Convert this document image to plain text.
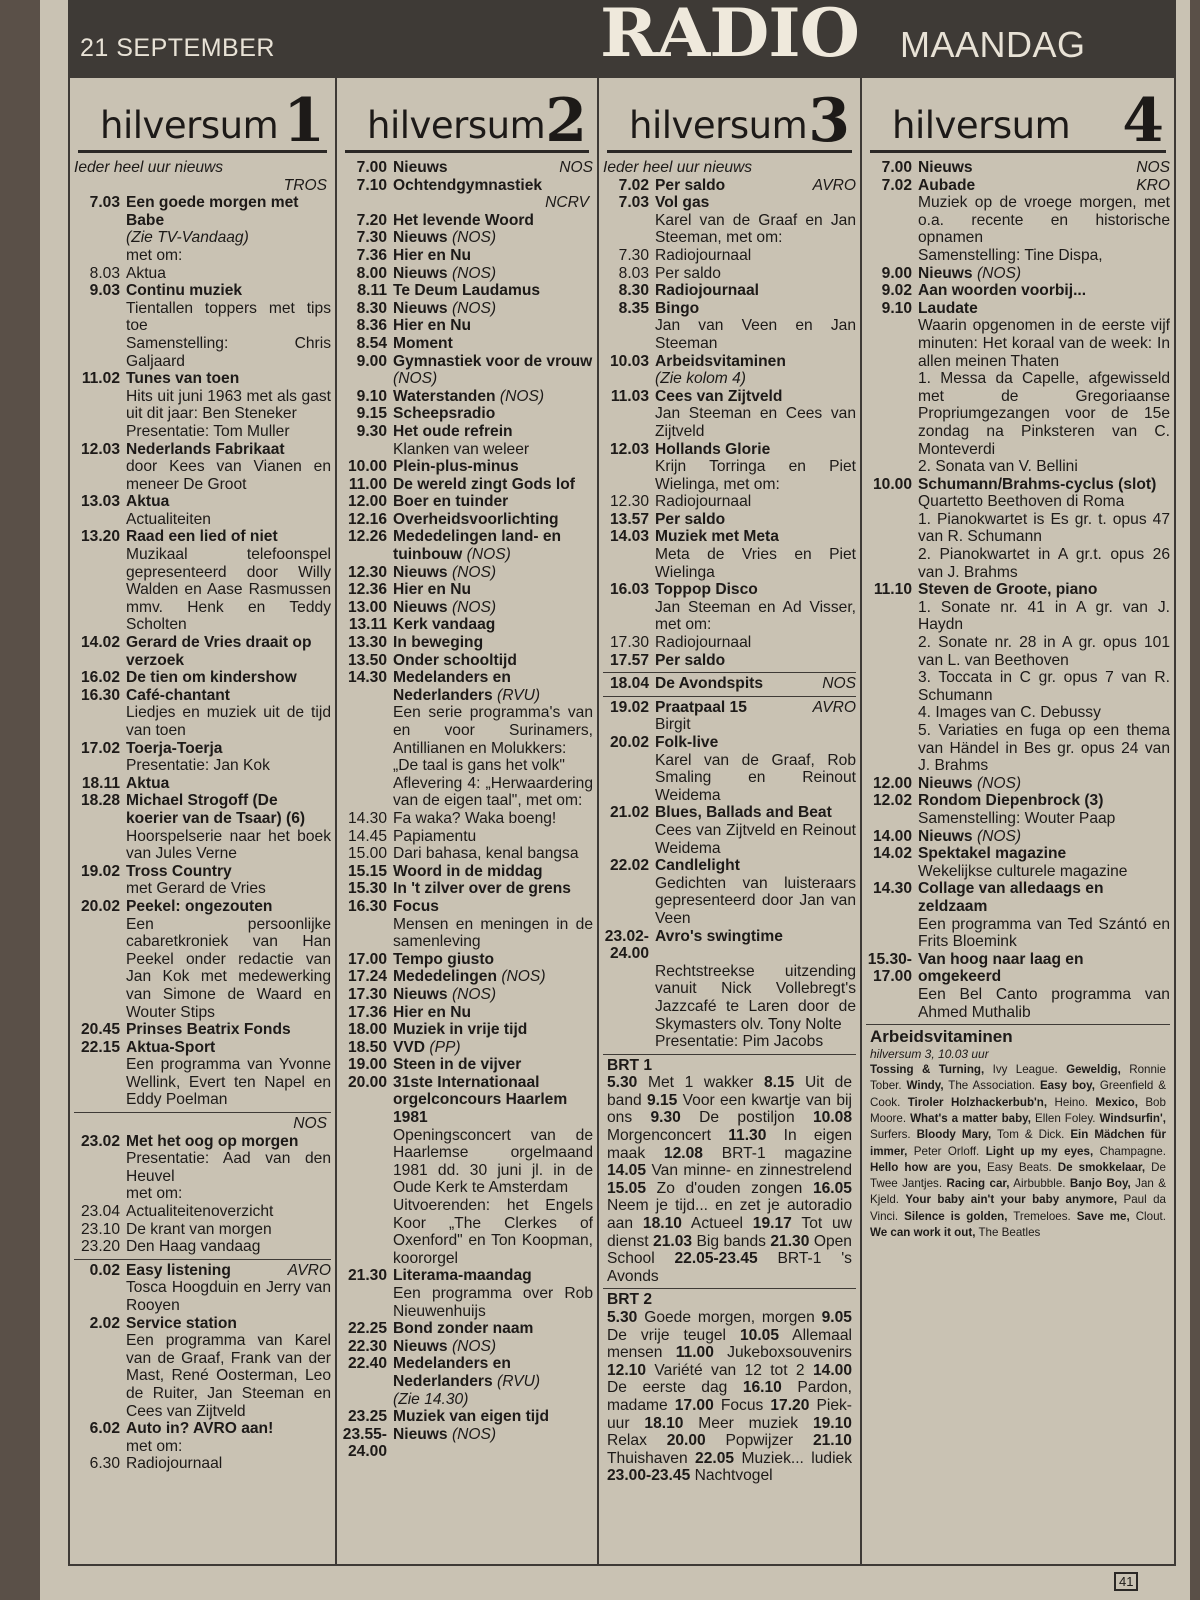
21 SEPTEMBER	RADIO MAANDAG
hilversum 1
Ieder heel uur nieuws
TROS
7.03 Een goede morgen met Babe
(Zie TV-Vandaag)
met om:
8.03 Aktua
9.03 Continu muziek
Tientallen toppers met tips toe
Samenstelling: Chris Galjaard
11.02 Tunes van toen
Hits uit juni 1963 met als gast uit dit jaar: Ben Steneker
Presentatie: Tom Muller
12.03 Nederlands Fabrikaat
door Kees van Vianen en meneer De Groot
13.03 Aktua
Actualiteiten
13.20 Raad een lied of niet
Muzikaal telefoonspel gepresenteerd door Willy Walden en Aase Rasmussen mmv. Henk en Teddy Scholten
14.02 Gerard de Vries draait op verzoek
16.02 De tien om kindershow
16.30 Café-chantant
Liedjes en muziek uit de tijd van toen
17.02 Toerja-Toerja
Presentatie: Jan Kok
18.11 Aktua
18.28 Michael Strogoff (De koerier van de Tsaar) (6)
Hoorspelserie naar het boek van Jules Verne
19.02 Tross Country
met Gerard de Vries
20.02 Peekel: ongezouten
Een persoonlijke cabaretkroniek van Han Peekel onder redactie van Jan Kok met medewerking van Simone de Waard en Wouter Stips
20.45 Prinses Beatrix Fonds
22.15 Aktua-Sport
Een programma van Yvonne Wellink, Evert ten Napel en Eddy Poelman
NOS
23.02 Met het oog op morgen
Presentatie: Aad van den Heuvel
met om:
23.04 Actualiteitenoverzicht
23.10 De krant van morgen
23.20 Den Haag vandaag
0.02 Easy listening	AVRO
Tosca Hoogduin en Jerry van Rooyen
2.02 Service station
Een programma van Karel van de Graaf, Frank van der Mast, René Oosterman, Leo de Ruiter, Jan Steeman en Cees van Zijtveld
6.02 Auto in? AVRO aan!
met om:
6.30 Radiojournaal
hilversum 2
7.00 Nieuws	NOS
7.10 Ochtendgymnastiek
NCRV
7.20 Het levende Woord
7.30 Nieuws (NOS)
7.36 Hier en Nu
8.00 Nieuws (NOS)
8.11 Te Deum Laudamus
8.30 Nieuws (NOS)
8.36 Hier en Nu
8.54 Moment
9.00 Gymnastiek voor de vrouw (NOS)
9.10 Waterstanden (NOS)
9.15 Scheepsradio
9.30 Het oude refrein
Klanken van weleer
10.00 Plein-plus-minus
11.00 De wereld zingt Gods lof
12.00 Boer en tuinder
12.16 Overheidsvoorlichting
12.26 Mededelingen land- en tuinbouw (NOS)
12.30 Nieuws (NOS)
12.36 Hier en Nu
13.00 Nieuws (NOS)
13.11 Kerk vandaag
13.30 In beweging
13.50 Onder schooltijd
14.30 Medelanders en Nederlanders (RVU)
Een serie programma's van en voor Surinamers, Antillianen en Molukkers:
„De taal is gans het volk"
Aflevering 4: „Herwaardering van de eigen taal", met om:
14.30 Fa waka? Waka boeng!
14.45 Papiamentu
15.00 Dari bahasa, kenal bangsa
15.15 Woord in de middag
15.30 In 't zilver over de grens
16.30 Focus
Mensen en meningen in de samenleving
17.00 Tempo giusto
17.24 Mededelingen (NOS)
17.30 Nieuws (NOS)
17.36 Hier en Nu
18.00 Muziek in vrije tijd
18.50 VVD (PP)
19.00 Steen in de vijver
20.00 31ste Internationaal orgelconcours Haarlem 1981
Openingsconcert van de Haarlemse orgelmaand 1981 dd. 30 juni jl. in de Oude Kerk te Amsterdam
Uitvoerenden: het Engels Koor „The Clerkes of Oxenford" en Ton Koopman, koororgel
21.30 Literama-maandag
Een programma over Rob Nieuwenhuijs
22.25 Bond zonder naam
22.30 Nieuws (NOS)
22.40 Medelanders en Nederlanders (RVU)
(Zie 14.30)
23.25 Muziek van eigen tijd
23.55-24.00
Nieuws (NOS)
hilversum 3
Ieder heel uur nieuws
7.02 Per saldo	AVRO
7.03 Vol gas
Karel van de Graaf en Jan Steeman, met om:
7.30 Radiojournaal
8.03 Per saldo
8.30 Radiojournaal
8.35 Bingo
Jan van Veen en Jan Steeman
10.03 Arbeidsvitaminen
(Zie kolom 4)
11.03 Cees van Zijtveld
Jan Steeman en Cees van Zijtveld
12.03 Hollands Glorie
Krijn Torringa en Piet Wielinga, met om:
12.30 Radiojournaal
13.57 Per saldo
14.03 Muziek met Meta
Meta de Vries en Piet Wielinga
16.03 Toppop Disco
Jan Steeman en Ad Visser, met om:
17.30 Radiojournaal
17.57 Per saldo
18.04 De Avondspits	NOS
19.02 Praatpaal 15	AVRO
Birgit
20.02 Folk-live
Karel van de Graaf, Rob Smaling en Reinout Weidema
21.02 Blues, Ballads and Beat
Cees van Zijtveld en Reinout Weidema
22.02 Candlelight
Gedichten van luisteraars gepresenteerd door Jan van Veen
23.02-24.00
Avro's swingtime
Rechtstreekse uitzending vanuit Nick Vollebregt's Jazzcafé te Laren door de Skymasters olv. Tony Nolte
Presentatie: Pim Jacobs
BRT 1
5.30 Met 1 wakker 8.15 Uit de band 9.15 Voor een kwartje van bij ons 9.30 De postiljon 10.08 Morgenconcert 11.30 In eigen maak 12.08 BRT-1 magazine 14.05 Van minne- en zinnestrelend 15.05 Zo d'ouden zongen 16.05 Neem je tijd... en zet je autoradio aan 18.10 Actueel 19.17 Tot uw dienst 21.03 Big bands 21.30 Open School 22.05-23.45 BRT-1 's Avonds
BRT 2
5.30 Goede morgen, morgen 9.05 De vrije teugel 10.05 Allemaal mensen 11.00 Jukeboxsouvenirs 12.10 Variété van 12 tot 2 14.00 De eerste dag 16.10 Pardon, madame 17.00 Focus 17.20 Piek-uur 18.10 Meer muziek 19.10 Relax 20.00 Popwijzer 21.10 Thuishaven 22.05 Muziek... ludiek 23.00-23.45 Nachtvogel
hilversum 4
7.00 Nieuws	NOS
7.02 Aubade	KRO
Muziek op de vroege morgen, met o.a. recente en historische opnamen
Samenstelling: Tine Dispa,
9.00 Nieuws (NOS)
9.02 Aan woorden voorbij...
9.10 Laudate
Waarin opgenomen in de eerste vijf minuten: Het koraal van de week: In allen meinen Thaten
1. Messa da Capelle, afgewisseld met de Gregoriaanse Propriumgezangen voor de 15e zondag na Pinksteren van C. Monteverdi
2. Sonata van V. Bellini
10.00 Schumann/Brahms-cyclus (slot)
Quartetto Beethoven di Roma
1. Pianokwartet is Es gr. t. opus 47 van R. Schumann
2. Pianokwartet in A gr.t. opus 26 van J. Brahms
11.10 Steven de Groote, piano
1. Sonate nr. 41 in A gr. van J. Haydn
2. Sonate nr. 28 in A gr. opus 101 van L. van Beethoven
3. Toccata in C gr. opus 7 van R. Schumann
4. Images van C. Debussy
5. Variaties en fuga op een thema van Händel in Bes gr. opus 24 van J. Brahms
12.00 Nieuws (NOS)
12.02 Rondom Diepenbrock (3)
Samenstelling: Wouter Paap
14.00 Nieuws (NOS)
14.02 Spektakel magazine
Wekelijkse culturele magazine
14.30 Collage van alledaags en zeldzaam
Een programma van Ted Szántó en Frits Bloemink
15.30-17.00
Van hoog naar laag en omgekeerd
Een Bel Canto programma van Ahmed Muthalib
Arbeidsvitaminen
hilversum 3, 10.03 uur
Tossing & Turning, Ivy League. Geweldig, Ronnie Tober. Windy, The Association. Easy boy, Greenfield & Cook. Tiroler Holzhackerbub'n, Heino. Mexico, Bob Moore. What's a matter baby, Ellen Foley. Windsurfin', Surfers. Bloody Mary, Tom & Dick. Ein Mädchen für immer, Peter Orloff. Light up my eyes, Champagne. Hello how are you, Easy Beats. De smokkelaar, De Twee Jantjes. Racing car, Airbubble. Banjo Boy, Jan & Kjeld. Your baby ain't your baby anymore, Paul da Vinci. Silence is golden, Tremeloes. Save me, Clout. We can work it out, The Beatles
41
